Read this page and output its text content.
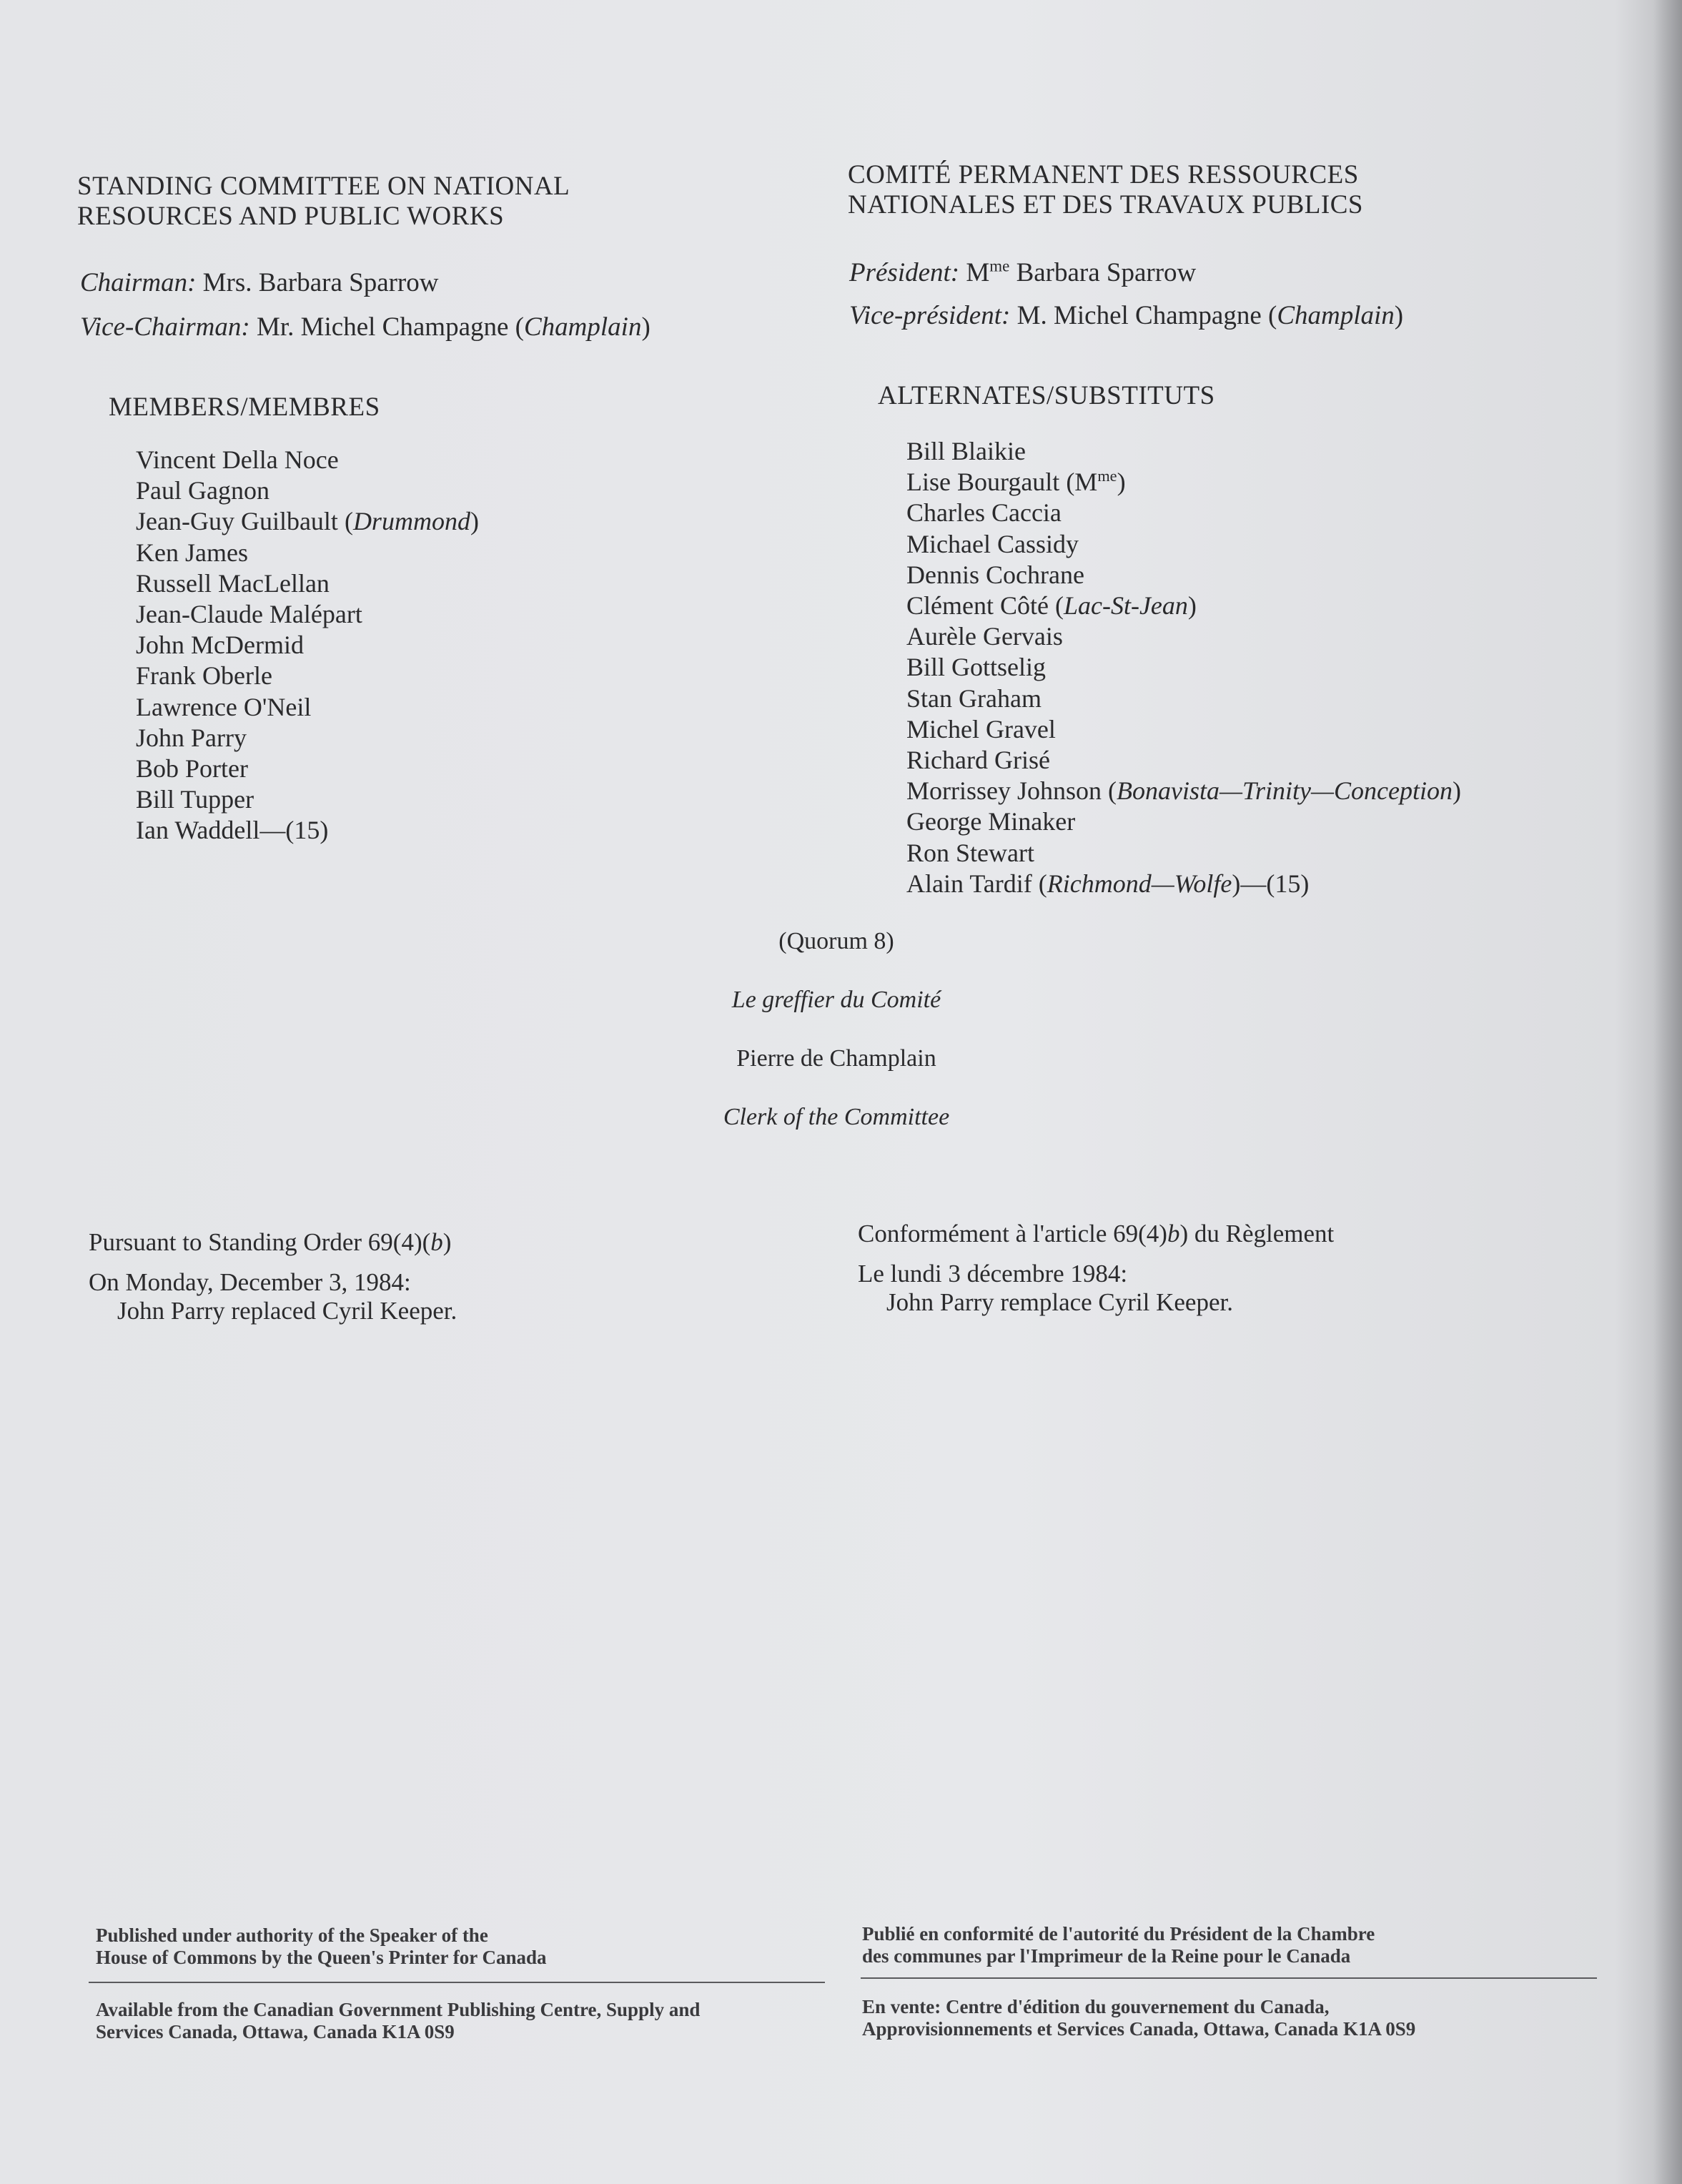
STANDING COMMITTEE ON NATIONAL
RESOURCES AND PUBLIC WORKS
Chairman: Mrs. Barbara Sparrow
Vice-Chairman: Mr. Michel Champagne (Champlain)
COMITÉ PERMANENT DES RESSOURCES
NATIONALES ET DES TRAVAUX PUBLICS
Président: $M^{me}$ Barbara Sparrow
Vice-président: M. Michel Champagne (Champlain)
MEMBERS/MEMBRES
Vincent Della Noce
Paul Gagnon
Jean-Guy Guilbault (Drummond)
Ken James
Russell MacLellan
Jean-Claude Malépart
John McDermid
Frank Oberle
Lawrence O'Neil
John Parry
Bob Porter
Bill Tupper
Ian Waddell—(15)
ALTERNATES/SUBSTITUTS
Bill Blaikie
Lise Bourgault $(M^{me})$
Charles Caccia
Michael Cassidy
Dennis Cochrane
Clément Côté (Lac-St-Jean)
Aurèle Gervais
Bill Gottselig
Stan Graham
Michel Gravel
Richard Grisé
Morrissey Johnson (Bonavista—Trinity—Conception)
George Minaker
Ron Stewart
Alain Tardif (Richmond—Wolfe)—(15)
(Quorum 8)
Le greffier du Comité
Pierre de Champlain
Clerk of the Committee
Pursuant to Standing Order 69(4)(b)
On Monday, December 3, 1984:
John Parry replaced Cyril Keeper.
Conformément à l'article 69(4)b) du Règlement
Le lundi 3 décembre 1984:
John Parry remplace Cyril Keeper.
Published under authority of the Speaker of the
House of Commons by the Queen's Printer for Canada
Available from the Canadian Government Publishing Centre, Supply and
Services Canada, Ottawa, Canada K1A 0S9
Publié en conformité de l'autorité du Président de la Chambre
des communes par l'Imprimeur de la Reine pour le Canada
En vente: Centre d'édition du gouvernement du Canada,
Approvisionnements et Services Canada, Ottawa, Canada K1A 0S9
